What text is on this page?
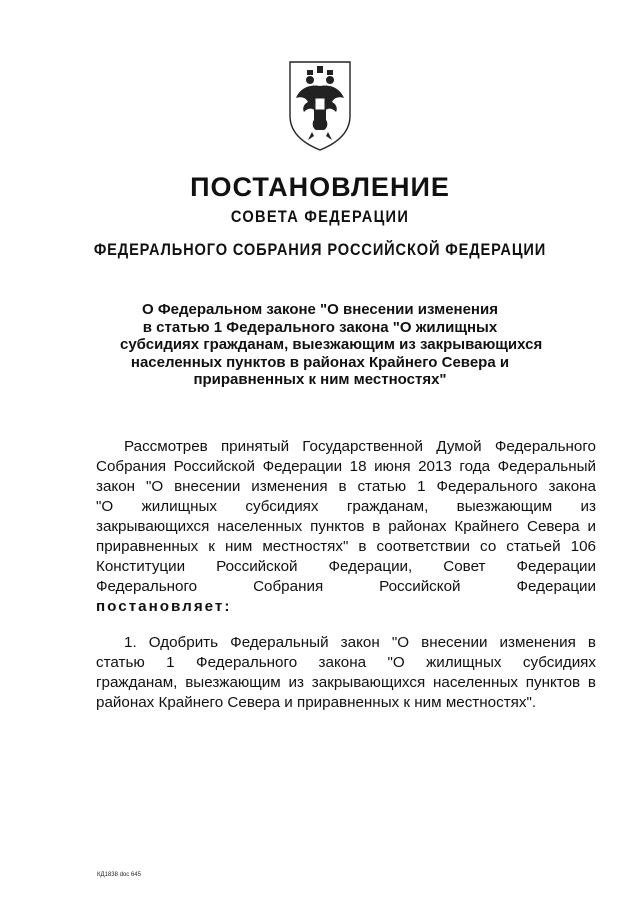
ПОСТАНОВЛЕНИЕ
СОВЕТА ФЕДЕРАЦИИ
ФЕДЕРАЛЬНОГО СОБРАНИЯ РОССИЙСКОЙ ФЕДЕРАЦИИ
О Федеральном законе "О внесении изменения
в статью 1 Федерального закона "О жилищных
субсидиях гражданам, выезжающим из закрывающихся
населенных пунктов в районах Крайнего Севера и
приравненных к ним местностях"
Рассмотрев принятый Государственной Думой Федерального
Собрания Российской Федерации 18 июня 2013 года Федеральный
закон "О внесении изменения в статью 1 Федерального закона
"О жилищных субсидиях гражданам, выезжающим из
закрывающихся населенных пунктов в районах Крайнего Севера и
приравненных к ним местностях" в соответствии со статьей 106
Конституции Российской Федерации, Совет Федерации
Федерального Собрания Российской Федерации
постановляет:
1. Одобрить Федеральный закон "О внесении изменения в
статью 1 Федерального закона "О жилищных субсидиях
гражданам, выезжающим из закрывающихся населенных пунктов в
районах Крайнего Севера и приравненных к ним местностях".
КД1838 doc 645
